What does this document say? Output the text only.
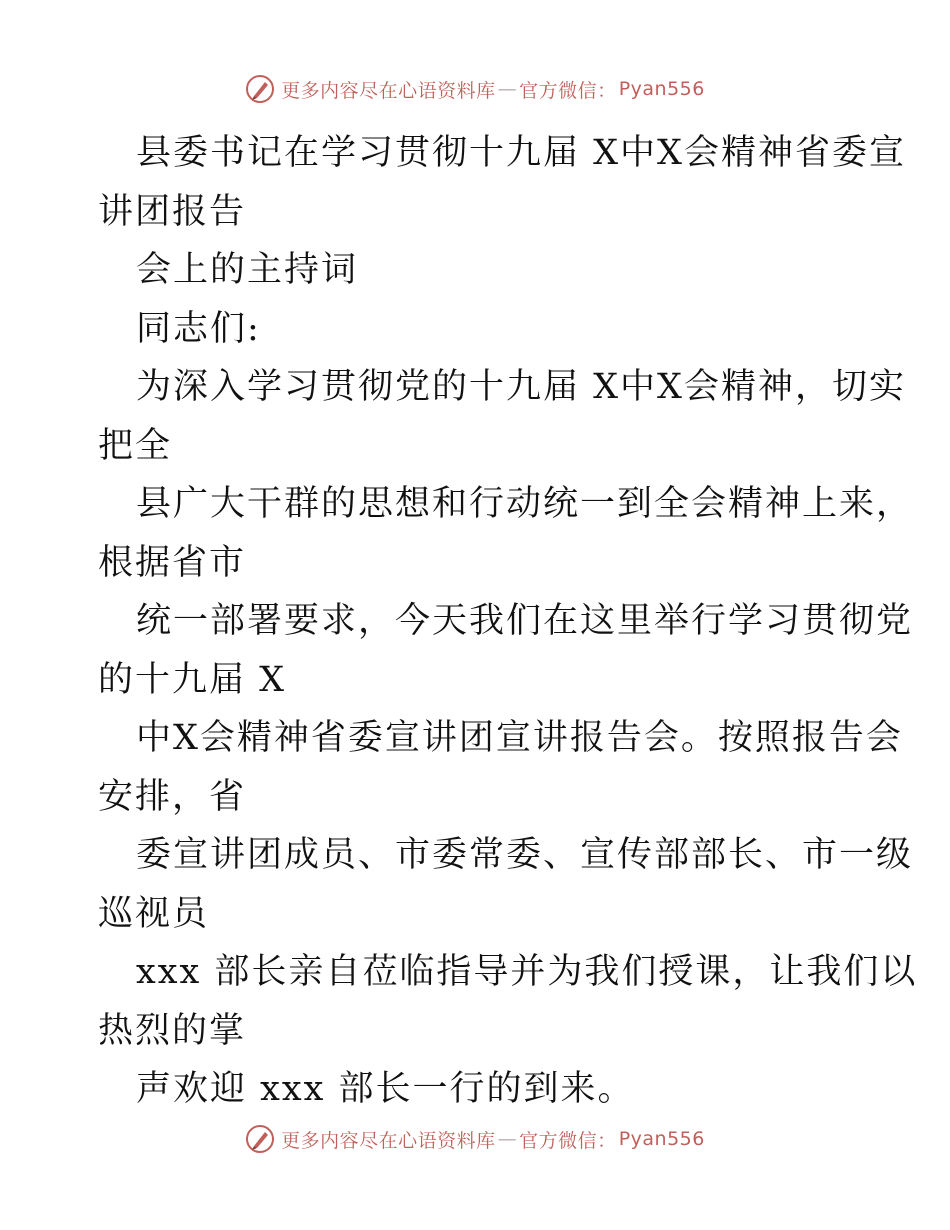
更多内容尽在心语资料库 — 官方微信： Pyan556
县委书记在学习贯彻十九届 X中X会精神省委宣
讲团报告
会上的主持词
同志们:
为深入学习贯彻党的十九届 X中X会精神，切实
把全
县广大干群的思想和行动统一到全会精神上来，
根据省市
统一部署要求，今天我们在这里举行学习贯彻党
的十九届 X
中X会精神省委宣讲团宣讲报告会。按照报告会
安排，省
委宣讲团成员、市委常委、宣传部部长、市一级
巡视员
xxx 部长亲自莅临指导并为我们授课，让我们以
热烈的掌
声欢迎 xxx 部长一行的到来。
更多内容尽在心语资料库 — 官方微信： Pyan556
